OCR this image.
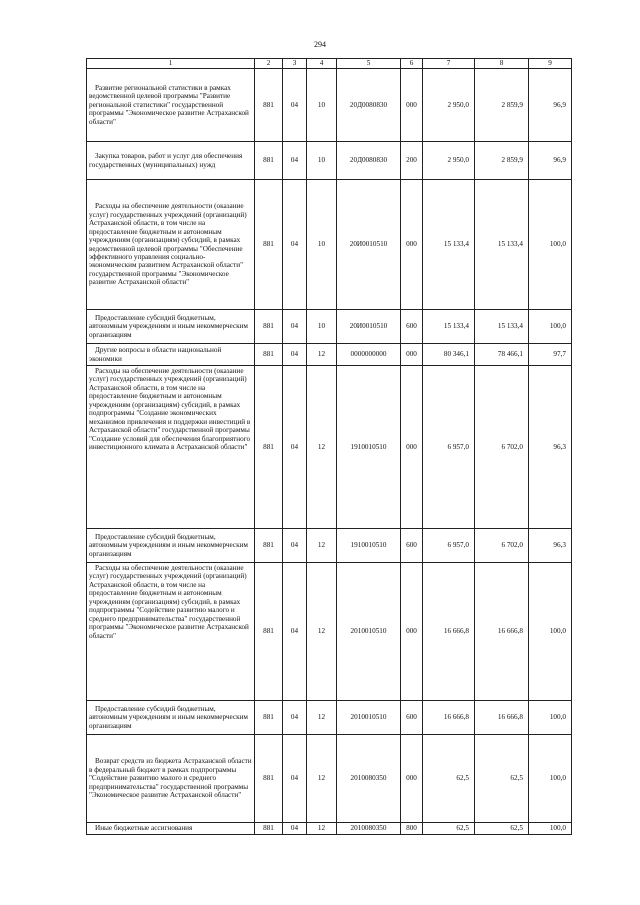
294
1	2	3	4	5	6	7	8	9
Развитие региональной статистики в рамках ведомственной целевой программы "Развитие региональной статистики" государственной программы "Экономическое развитие Астраханской области"	881	04	10	20Д0080830	000	2 950,0	2 859,9	96,9
Закупка товаров, работ и услуг для обеспечения государственных (муниципальных) нужд	881	04	10	20Д0080830	200	2 950,0	2 859,9	96,9
Расходы на обеспечение деятельности (оказание услуг) государственных учреждений (организаций) Астраханской области, в том числе на предоставление бюджетным и автономным учреждениям (организациям) субсидий, в рамках ведомственной целевой программы "Обеспечение эффективного управления социально-экономическим развитием Астраханской области" государственной программы "Экономическое развитие Астраханской области"	881	04	10	20И0010510	000	15 133,4	15 133,4	100,0
Предоставление субсидий бюджетным, автономным учреждениям и иным некоммерческим организациям	881	04	10	20И0010510	600	15 133,4	15 133,4	100,0
Другие вопросы в области национальной экономики	881	04	12	0000000000	000	80 346,1	78 466,1	97,7
Расходы на обеспечение деятельности (оказание услуг) государственных учреждений (организаций) Астраханской области, в том числе на предоставление бюджетным и автономным учреждениям (организациям) субсидий, в рамках подпрограммы "Создание экономических механизмов привлечения и поддержки инвестиций в Астраханской области" государственной программы "Создание условий для обеспечения благоприятного инвестиционного климата в Астраханской области"	881	04	12	1910010510	000	6 957,0	6 702,0	96,3
Предоставление субсидий бюджетным, автономным учреждениям и иным некоммерческим организациям	881	04	12	1910010510	600	6 957,0	6 702,0	96,3
Расходы на обеспечение деятельности (оказание услуг) государственных учреждений (организаций) Астраханской области, в том числе на предоставление бюджетным и автономным учреждениям (организациям) субсидий, в рамках подпрограммы "Содействие развитию малого и среднего предпринимательства" государственной программы "Экономическое развитие Астраханской области"	881	04	12	2010010510	000	16 666,8	16 666,8	100,0
Предоставление субсидий бюджетным, автономным учреждениям и иным некоммерческим организациям	881	04	12	2010010510	600	16 666,8	16 666,8	100,0
Возврат средств из бюджета Астраханской области в федеральный бюджет в рамках подпрограммы "Содействие развитию малого и среднего предпринимательства" государственной программы "Экономическое развитие Астраханской области"	881	04	12	2010080350	000	62,5	62,5	100,0
Иные бюджетные ассигнования	881	04	12	2010080350	800	62,5	62,5	100,0
